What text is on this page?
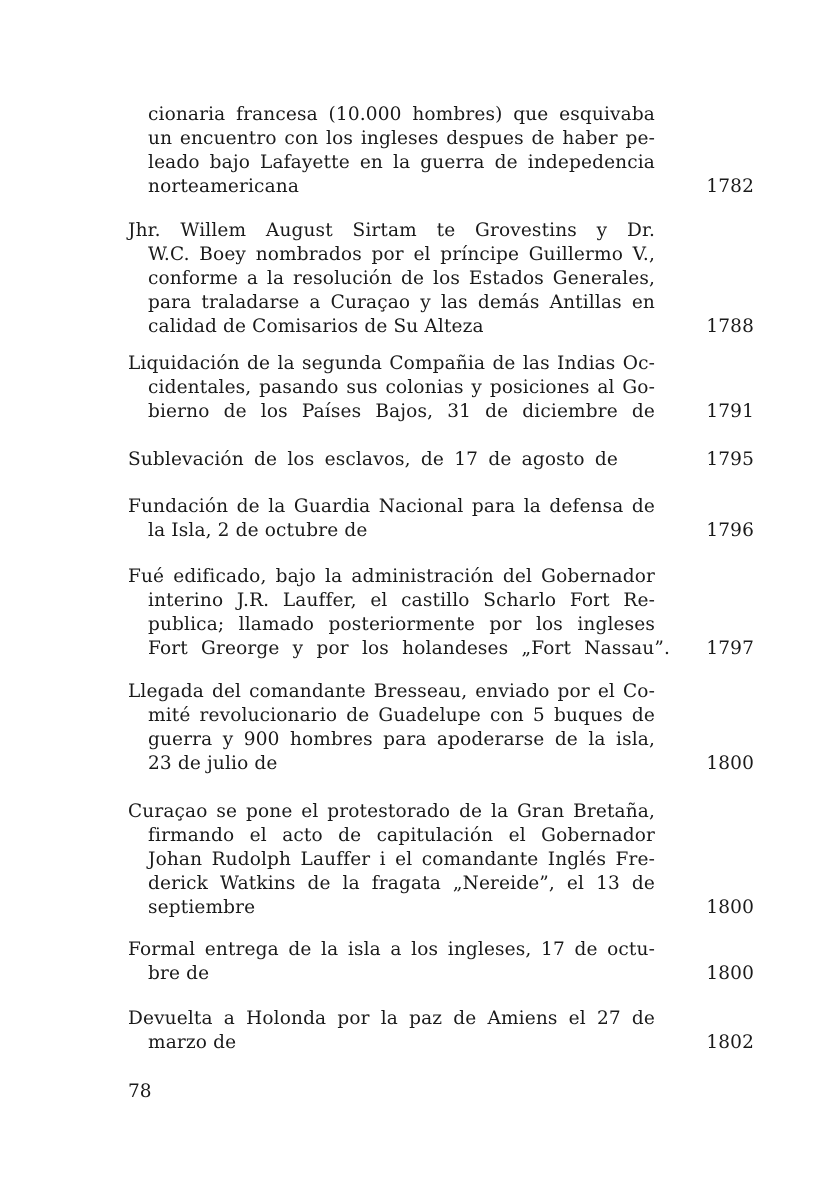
cionaria francesa (10.000 hombres) que esquivaba
un encuentro con los ingleses despues de haber pe-
leado bajo Lafayette en la guerra de indepedencia
norteamericana	1782
Jhr. Willem August Sirtam te Grovestins y Dr.
W.C. Boey nombrados por el príncipe Guillermo V.,
conforme a la resolución de los Estados Generales,
para traladarse a Curaçao y las demás Antillas en
calidad de Comisarios de Su Alteza	1788
Liquidación de la segunda Compañia de las Indias Oc-
cidentales, pasando sus colonias y posiciones al Go-
bierno de los Países Bajos, 31 de diciembre de	1791
Sublevación de los esclavos, de 17 de agosto de	1795
Fundación de la Guardia Nacional para la defensa de
la Isla, 2 de octubre de	1796
Fué edificado, bajo la administración del Gobernador
interino J.R. Lauffer, el castillo Scharlo Fort Re-
publica; llamado posteriormente por los ingleses
Fort Greorge y por los holandeses „Fort Nassau”.	1797
Llegada del comandante Bresseau, enviado por el Co-
mité revolucionario de Guadelupe con 5 buques de
guerra y 900 hombres para apoderarse de la isla,
23 de julio de	1800
Curaçao se pone el protestorado de la Gran Bretaña,
firmando el acto de capitulación el Gobernador
Johan Rudolph Lauffer i el comandante Inglés Fre-
derick Watkins de la fragata „Nereide”, el 13 de
septiembre	1800
Formal entrega de la isla a los ingleses, 17 de octu-
bre de	1800
Devuelta a Holonda por la paz de Amiens el 27 de
marzo de	1802
78
